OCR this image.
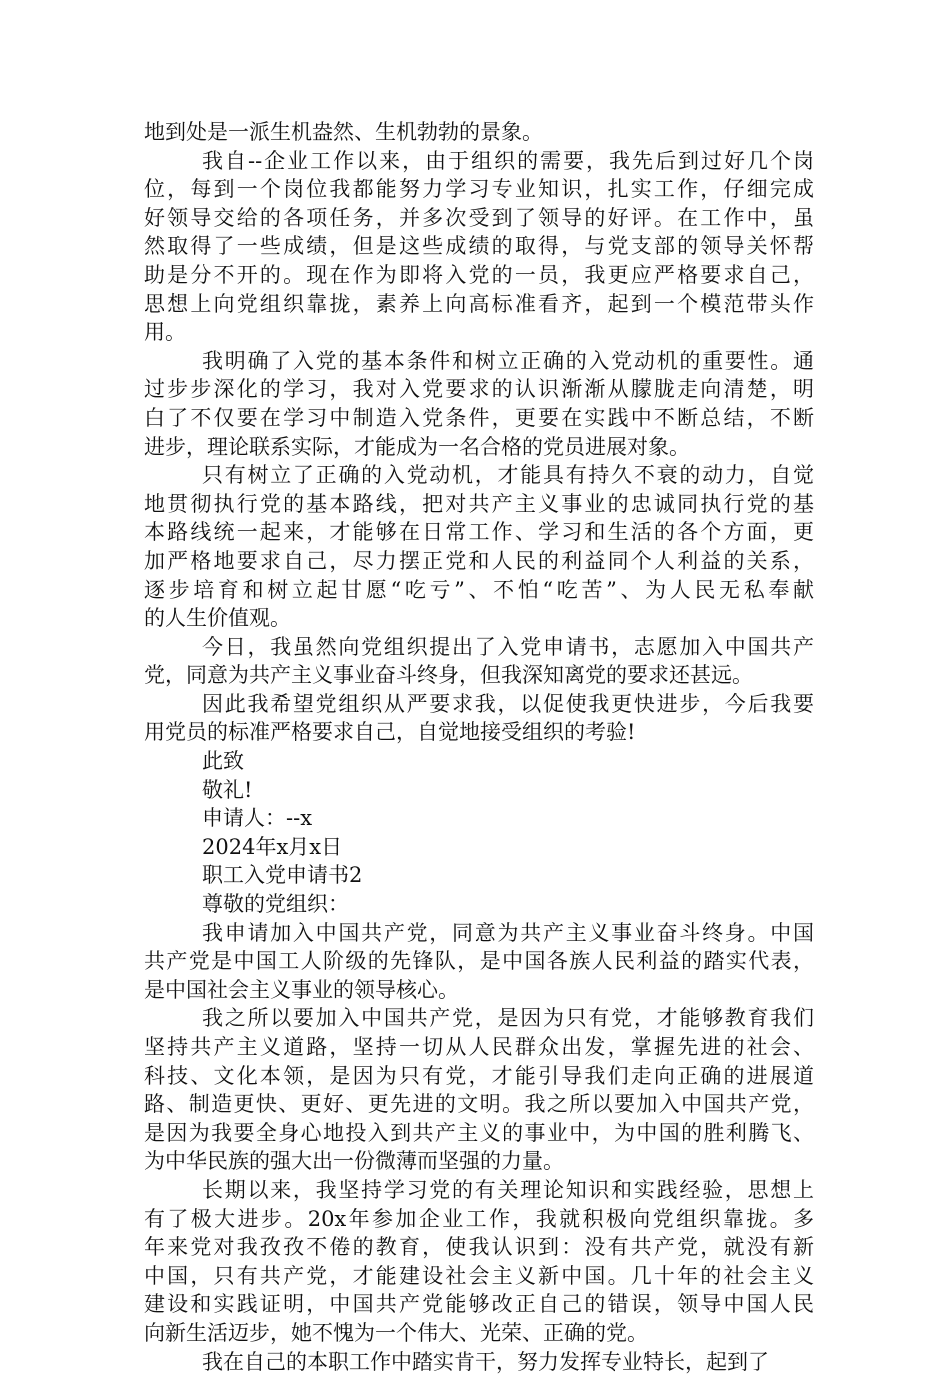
地到处是一派生机盎然、生机勃勃的景象。
我自--企业工作以来，由于组织的需要，我先后到过好几个岗
位，每到一个岗位我都能努力学习专业知识，扎实工作，仔细完成
好领导交给的各项任务，并多次受到了领导的好评。在工作中，虽
然取得了一些成绩，但是这些成绩的取得，与党支部的领导关怀帮
助是分不开的。现在作为即将入党的一员，我更应严格要求自己，
思想上向党组织靠拢，素养上向高标准看齐，起到一个模范带头作
用。
我明确了入党的基本条件和树立正确的入党动机的重要性。通
过步步深化的学习，我对入党要求的认识渐渐从朦胧走向清楚，明
白了不仅要在学习中制造入党条件，更要在实践中不断总结，不断
进步，理论联系实际，才能成为一名合格的党员进展对象。
只有树立了正确的入党动机，才能具有持久不衰的动力，自觉
地贯彻执行党的基本路线，把对共产主义事业的忠诚同执行党的基
本路线统一起来，才能够在日常工作、学习和生活的各个方面，更
加严格地要求自己，尽力摆正党和人民的利益同个人利益的关系，
逐步培育和树立起甘愿“吃亏”、不怕“吃苦”、为人民无私奉献
的人生价值观。
今日，我虽然向党组织提出了入党申请书，志愿加入中国共产
党，同意为共产主义事业奋斗终身，但我深知离党的要求还甚远。
因此我希望党组织从严要求我，以促使我更快进步，今后我要
用党员的标准严格要求自己，自觉地接受组织的考验!
此致
敬礼!
申请人：--x
2024年x月x日
职工入党申请书2
尊敬的党组织：
我申请加入中国共产党，同意为共产主义事业奋斗终身。中国
共产党是中国工人阶级的先锋队，是中国各族人民利益的踏实代表，
是中国社会主义事业的领导核心。
我之所以要加入中国共产党，是因为只有党，才能够教育我们
坚持共产主义道路，坚持一切从人民群众出发，掌握先进的社会、
科技、文化本领，是因为只有党，才能引导我们走向正确的进展道
路、制造更快、更好、更先进的文明。我之所以要加入中国共产党，
是因为我要全身心地投入到共产主义的事业中，为中国的胜利腾飞、
为中华民族的强大出一份微薄而坚强的力量。
长期以来，我坚持学习党的有关理论知识和实践经验，思想上
有了极大进步。20x年参加企业工作，我就积极向党组织靠拢。多
年来党对我孜孜不倦的教育，使我认识到：没有共产党，就没有新
中国，只有共产党，才能建设社会主义新中国。几十年的社会主义
建设和实践证明，中国共产党能够改正自己的错误，领导中国人民
向新生活迈步，她不愧为一个伟大、光荣、正确的党。
我在自己的本职工作中踏实肯干，努力发挥专业特长，起到了
